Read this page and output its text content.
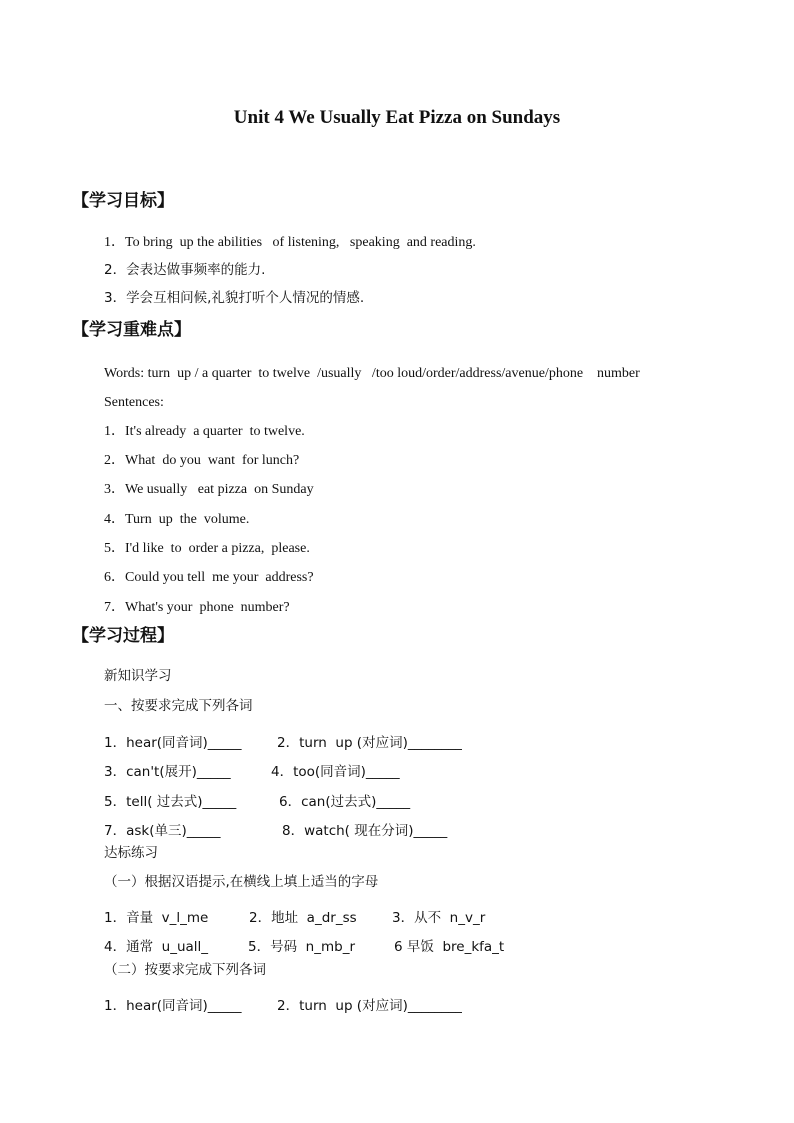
Unit 4 We Usually Eat Pizza on Sundays
【学习目标】
1．To bring  up the abilities   of listening,   speaking  and reading.
2．会表达做事频率的能力.
3．学会互相问候,礼貌打听个人情况的情感.
【学习重难点】
Words: turn  up / a quarter  to twelve  /usually   /too loud/order/address/avenue/phone    number
Sentences:
1．It's already  a quarter  to twelve.
2．What  do you  want  for lunch?
3．We usually   eat pizza  on Sunday
4．Turn  up  the  volume.
5．I'd like  to  order a pizza,  please.
6．Could you tell  me your  address?
7．What's your  phone  number?
【学习过程】
新知识学习
一、按要求完成下列各词

1．hear(同音词)_____

	2．turn  up (对应词)________

3．can't(展开)_____

	4．too(同音词)_____

5．tell( 过去式)_____

	6．can(过去式)_____

7．ask(单三)_____

	8．watch( 现在分词)_____

达标练习
（一）根据汉语提示,在横线上填上适当的字母

1．音量  v_l_me

	2．地址  a_dr_ss

	3．从不  n_v_r

4．通常  u_uall_

	5．号码  n_mb_r

	6 早饭  bre_kfa_t

（二）按要求完成下列各词

1．hear(同音词)_____

	2．turn  up (对应词)________
